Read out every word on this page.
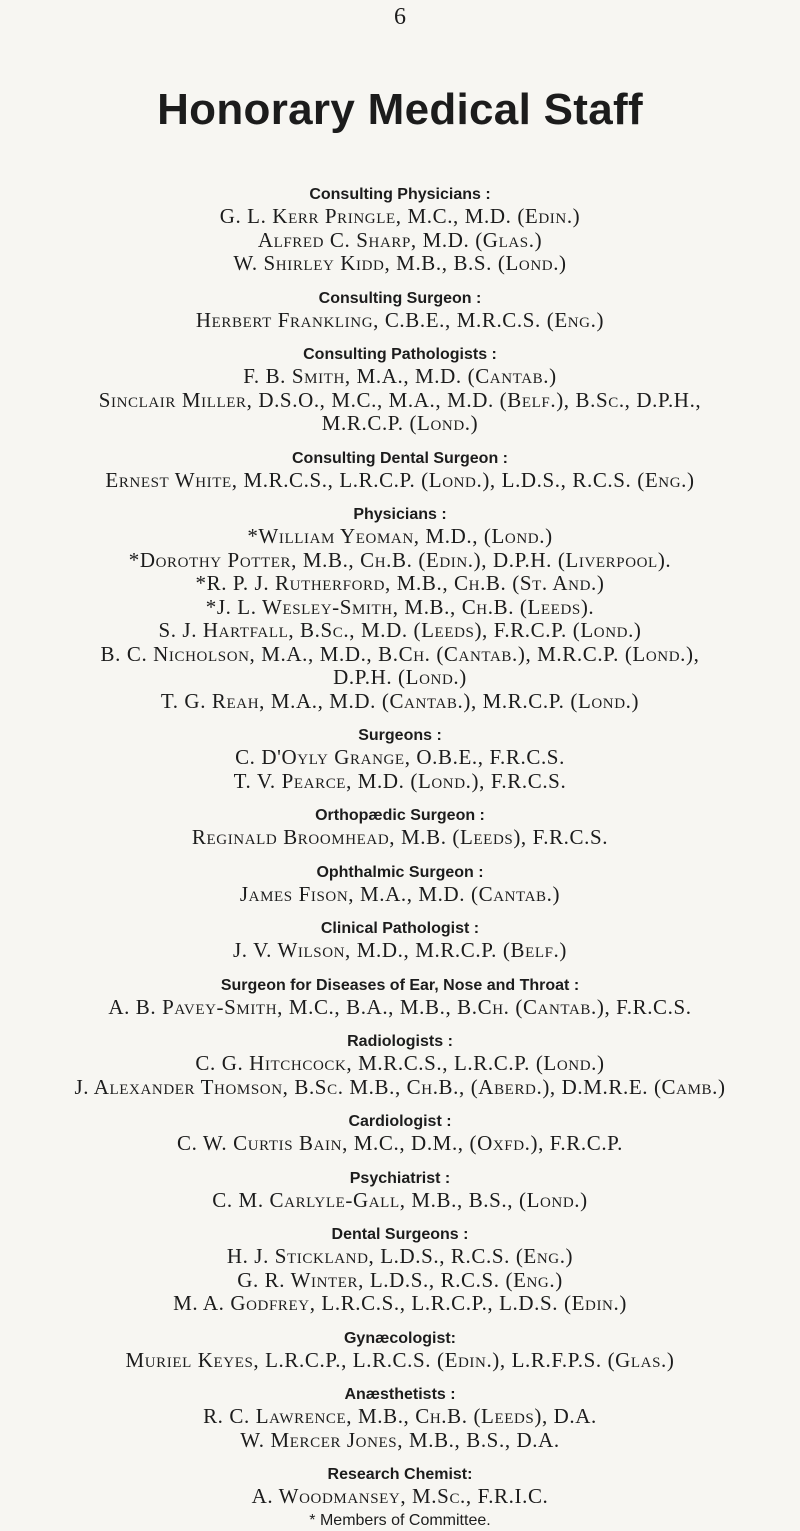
6
Honorary Medical Staff
Consulting Physicians :
G. L. Kerr Pringle, M.C., M.D. (Edin.)
Alfred C. Sharp, M.D. (Glas.)
W. Shirley Kidd, M.B., B.S. (Lond.)
Consulting Surgeon :
Herbert Frankling, C.B.E., M.R.C.S. (Eng.)
Consulting Pathologists :
F. B. Smith, M.A., M.D. (Cantab.)
Sinclair Miller, D.S.O., M.C., M.A., M.D. (Belf.), B.Sc., D.P.H.,
M.R.C.P. (Lond.)
Consulting Dental Surgeon :
Ernest White, M.R.C.S., L.R.C.P. (Lond.), L.D.S., R.C.S. (Eng.)
Physicians :
*William Yeoman, M.D., (Lond.)
*Dorothy Potter, M.B., Ch.B. (Edin.), D.P.H. (Liverpool).
*R. P. J. Rutherford, M.B., Ch.B. (St. And.)
*J. L. Wesley-Smith, M.B., Ch.B. (Leeds).
S. J. Hartfall, B.Sc., M.D. (Leeds), F.R.C.P. (Lond.)
B. C. Nicholson, M.A., M.D., B.Ch. (Cantab.), M.R.C.P. (Lond.),
D.P.H. (Lond.)
T. G. Reah, M.A., M.D. (Cantab.), M.R.C.P. (Lond.)
Surgeons :
C. D'Oyly Grange, O.B.E., F.R.C.S.
T. V. Pearce, M.D. (Lond.), F.R.C.S.
Orthopædic Surgeon :
Reginald Broomhead, M.B. (Leeds), F.R.C.S.
Ophthalmic Surgeon :
James Fison, M.A., M.D. (Cantab.)
Clinical Pathologist :
J. V. Wilson, M.D., M.R.C.P. (Belf.)
Surgeon for Diseases of Ear, Nose and Throat :
A. B. Pavey-Smith, M.C., B.A., M.B., B.Ch. (Cantab.), F.R.C.S.
Radiologists :
C. G. Hitchcock, M.R.C.S., L.R.C.P. (Lond.)
J. Alexander Thomson, B.Sc. M.B., Ch.B., (Aberd.), D.M.R.E. (Camb.)
Cardiologist :
C. W. Curtis Bain, M.C., D.M., (Oxfd.), F.R.C.P.
Psychiatrist :
C. M. Carlyle-Gall, M.B., B.S., (Lond.)
Dental Surgeons :
H. J. Stickland, L.D.S., R.C.S. (Eng.)
G. R. Winter, L.D.S., R.C.S. (Eng.)
M. A. Godfrey, L.R.C.S., L.R.C.P., L.D.S. (Edin.)
Gynæcologist:
Muriel Keyes, L.R.C.P., L.R.C.S. (Edin.), L.R.F.P.S. (Glas.)
Anæsthetists :
R. C. Lawrence, M.B., Ch.B. (Leeds), D.A.
W. Mercer Jones, M.B., B.S., D.A.
Research Chemist:
A. Woodmansey, M.Sc., F.R.I.C.
* Members of Committee.
